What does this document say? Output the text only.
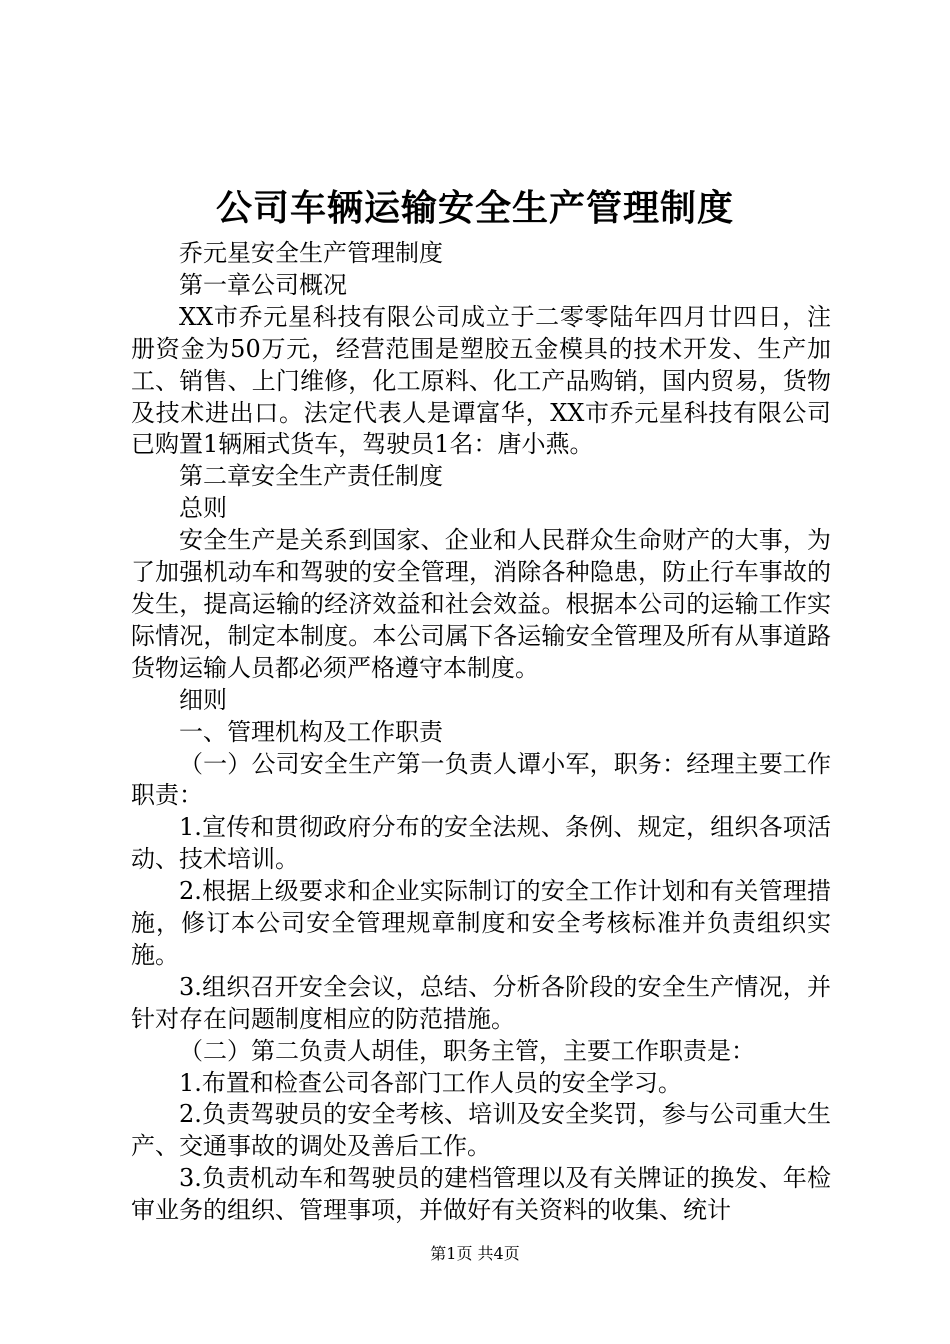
公司车辆运输安全生产管理制度

乔元星安全生产管理制度

第一章公司概况

XX市乔元星科技有限公司成立于二零零陆年四月廿四日，注册资金为50万元，经营范围是塑胶五金模具的技术开发、生产加工、销售、上门维修，化工原料、化工产品购销，国内贸易，货物及技术进出口。法定代表人是谭富华，XX市乔元星科技有限公司已购置1辆厢式货车，驾驶员1名：唐小燕。

第二章安全生产责任制度

总则

安全生产是关系到国家、企业和人民群众生命财产的大事，为了加强机动车和驾驶的安全管理，消除各种隐患，防止行车事故的发生，提高运输的经济效益和社会效益。根据本公司的运输工作实际情况，制定本制度。本公司属下各运输安全管理及所有从事道路货物运输人员都必须严格遵守本制度。

细则

一、管理机构及工作职责

（一）公司安全生产第一负责人谭小军，职务：经理主要工作职责：

1.宣传和贯彻政府分布的安全法规、条例、规定，组织各项活动、技术培训。

2.根据上级要求和企业实际制订的安全工作计划和有关管理措施，修订本公司安全管理规章制度和安全考核标准并负责组织实施。

3.组织召开安全会议，总结、分析各阶段的安全生产情况，并针对存在问题制度相应的防范措施。

（二）第二负责人胡佳，职务主管，主要工作职责是：

1.布置和检查公司各部门工作人员的安全学习。

2.负责驾驶员的安全考核、培训及安全奖罚，参与公司重大生产、交通事故的调处及善后工作。

3.负责机动车和驾驶员的建档管理以及有关牌证的换发、年检审业务的组织、管理事项，并做好有关资料的收集、统计

第1页 共4页
